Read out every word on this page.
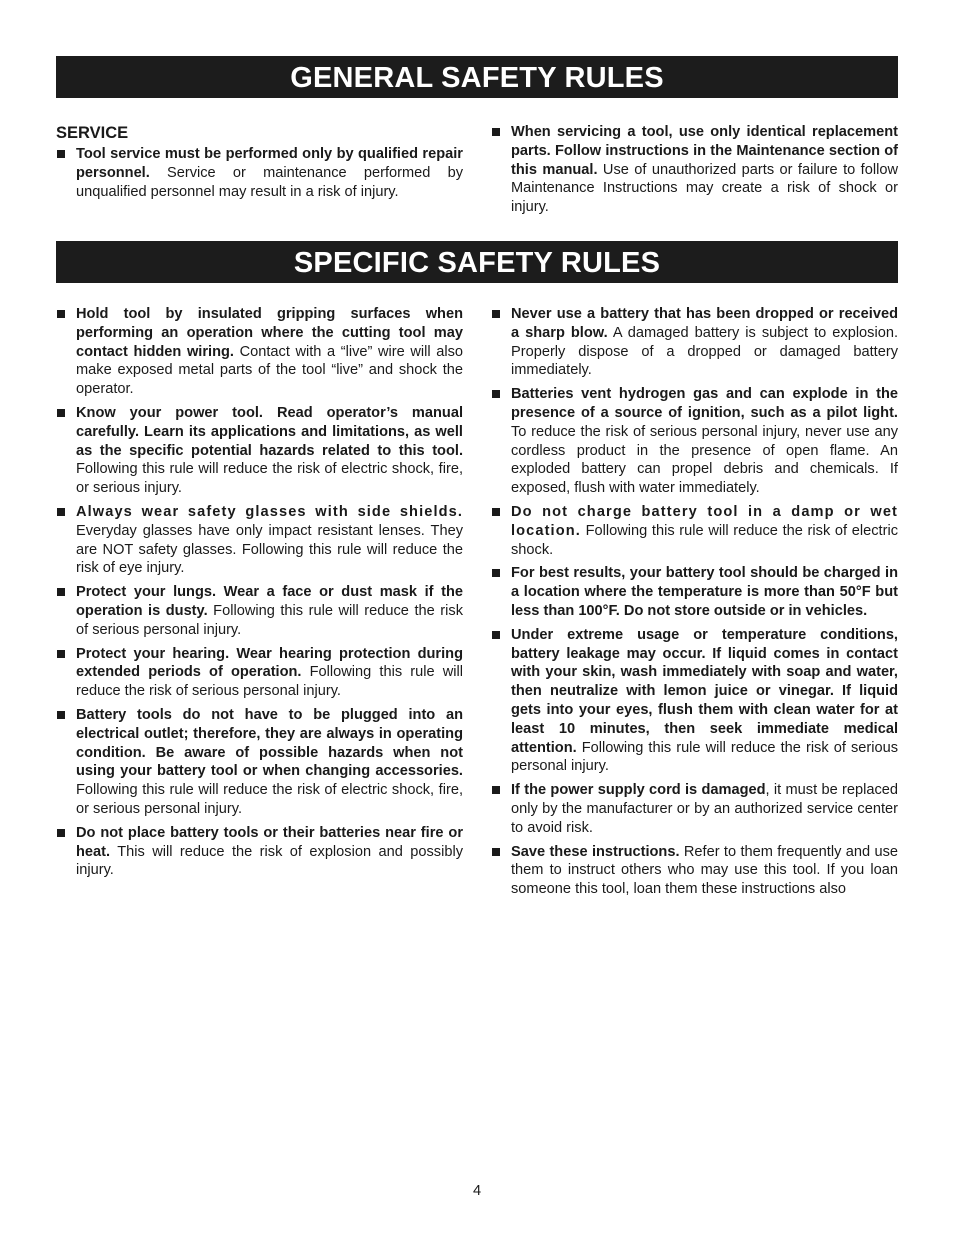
GENERAL SAFETY RULES
SERVICE
Tool service must be performed only by qualified repair personnel. Service or maintenance performed by unqualified personnel may result in a risk of injury.
When servicing a tool, use only identical replacement parts. Follow instructions in the Maintenance section of this manual. Use of unauthorized parts or failure to follow Maintenance Instructions may create a risk of shock or injury.
SPECIFIC SAFETY RULES
Hold tool by insulated gripping surfaces when performing an operation where the cutting tool may contact hidden wiring. Contact with a “live” wire will also make exposed metal parts of the tool “live” and shock the operator.
Know your power tool. Read operator’s manual carefully. Learn its applications and limitations, as well as the specific potential hazards related to this tool. Following this rule will reduce the risk of electric shock, fire, or serious injury.
Always wear safety glasses with side shields. Everyday glasses have only impact resistant lenses. They are NOT safety glasses. Following this rule will reduce the risk of eye injury.
Protect your lungs. Wear a face or dust mask if the operation is dusty. Following this rule will reduce the risk of serious personal injury.
Protect your hearing. Wear hearing protection during extended periods of operation. Following this rule will reduce the risk of serious personal injury.
Battery tools do not have to be plugged into an electrical outlet; therefore, they are always in operating condition. Be aware of possible hazards when not using your battery tool or when changing accessories. Following this rule will reduce the risk of electric shock, fire, or serious personal injury.
Do not place battery tools or their batteries near fire or heat. This will reduce the risk of explosion and possibly injury.
Never use a battery that has been dropped or received a sharp blow. A damaged battery is subject to explosion. Properly dispose of a dropped or damaged battery immediately.
Batteries vent hydrogen gas and can explode in the presence of a source of ignition, such as a pilot light. To reduce the risk of serious personal injury, never use any cordless product in the presence of open flame. An exploded battery can propel debris and chemicals. If exposed, flush with water immediately.
Do not charge battery tool in a damp or wet location. Following this rule will reduce the risk of electric shock.
For best results, your battery tool should be charged in a location where the temperature is more than 50°F but less than 100°F. Do not store outside or in vehicles.
Under extreme usage or temperature conditions, battery leakage may occur. If liquid comes in contact with your skin, wash immediately with soap and water, then neutralize with lemon juice or vinegar. If liquid gets into your eyes, flush them with clean water for at least 10 minutes, then seek immediate medical attention. Following this rule will reduce the risk of serious personal injury.
If the power supply cord is damaged, it must be replaced only by the manufacturer or by an authorized service center to avoid risk.
Save these instructions. Refer to them frequently and use them to instruct others who may use this tool. If you loan someone this tool, loan them these instructions also
4
